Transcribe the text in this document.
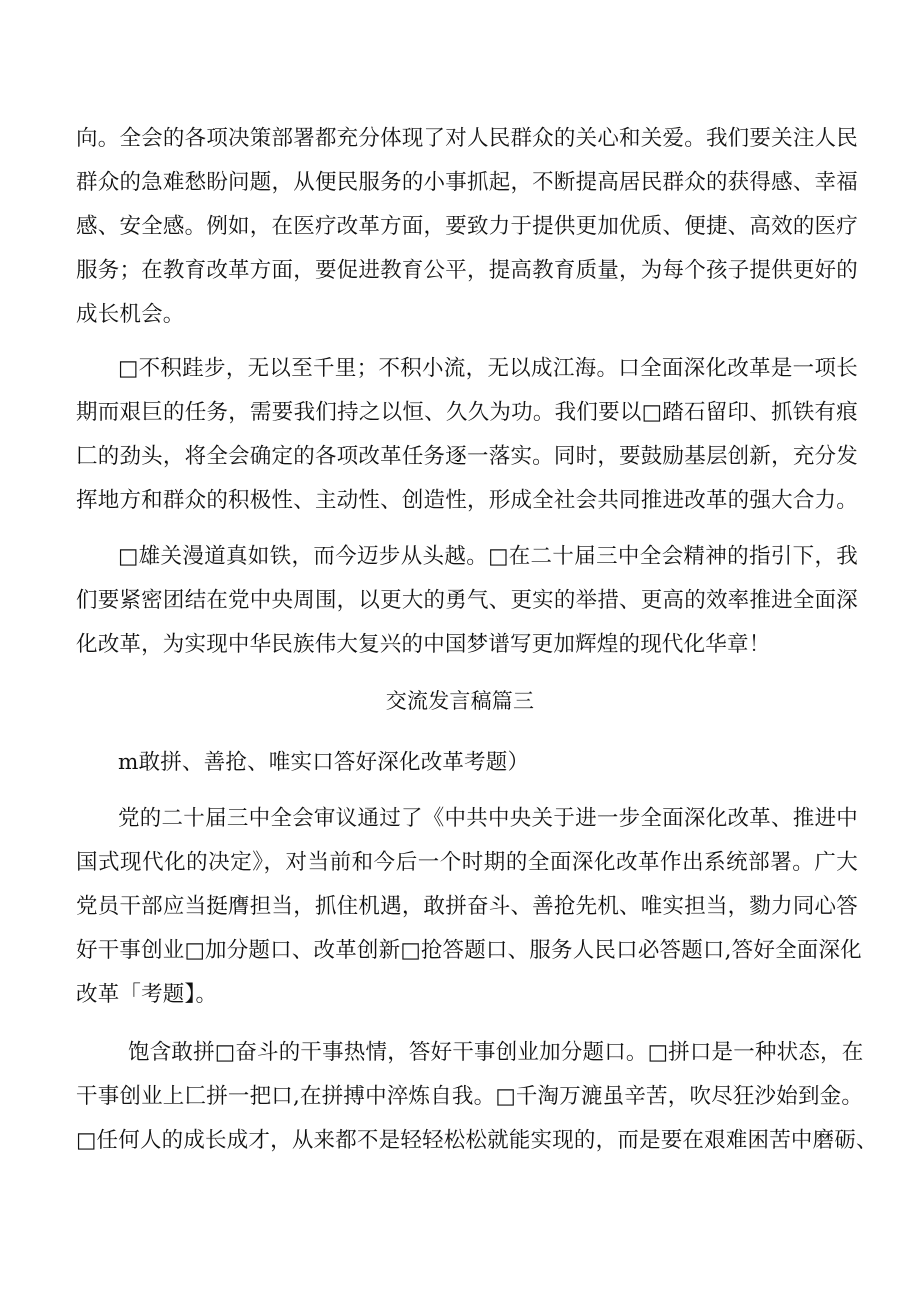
向。全会的各项决策部署都充分体现了对人民群众的关心和关爱。我们要关注人民
群众的急难愁盼问题，从便民服务的小事抓起，不断提高居民群众的获得感、幸福
感、安全感。例如，在医疗改革方面，要致力于提供更加优质、便捷、高效的医疗
服务；在教育改革方面，要促进教育公平，提高教育质量，为每个孩子提供更好的
成长机会。
□不积跬步，无以至千里；不积小流，无以成江海。口全面深化改革是一项长
期而艰巨的任务，需要我们持之以恒、久久为功。我们要以□踏石留印、抓铁有痕
匚的劲头，将全会确定的各项改革任务逐一落实。同时，要鼓励基层创新，充分发
挥地方和群众的积极性、主动性、创造性，形成全社会共同推进改革的强大合力。
□雄关漫道真如铁，而今迈步从头越。□在二十届三中全会精神的指引下，我
们要紧密团结在党中央周围，以更大的勇气、更实的举措、更高的效率推进全面深
化改革，为实现中华民族伟大复兴的中国梦谱写更加辉煌的现代化华章！
交流发言稿篇三
m敢拼、善抢、唯实口答好深化改革考题）
党的二十届三中全会审议通过了《中共中央关于进一步全面深化改革、推进中
国式现代化的决定》，对当前和今后一个时期的全面深化改革作出系统部署。广大
党员干部应当挺膺担当，抓住机遇，敢拼奋斗、善抢先机、唯实担当，勠力同心答
好干事创业□加分题口、改革创新□抢答题口、服务人民口必答题口,答好全面深化
改革「考题】。
饱含敢拼□奋斗的干事热情，答好干事创业加分题口。□拼口是一种状态，在
干事创业上匚拼一把口,在拼搏中淬炼自我。□千淘万漉虽辛苦，吹尽狂沙始到金。
□任何人的成长成才，从来都不是轻轻松松就能实现的，而是要在艰难困苦中磨砺、
